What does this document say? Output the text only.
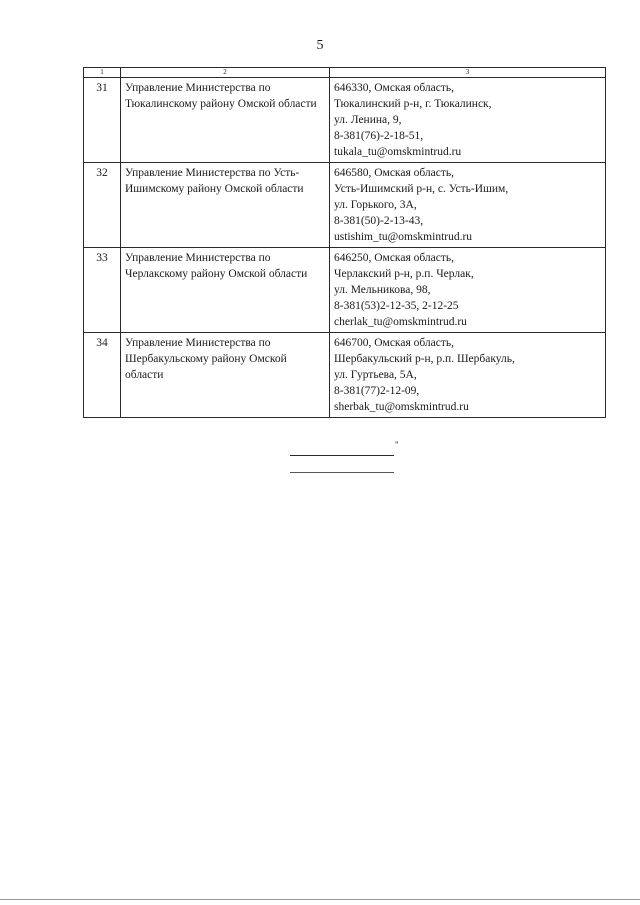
5
1	2	3
31	Управление Министерства по Тюкалинскому району Омской области	646330, Омская область,
Тюкалинский р-н, г. Тюкалинск,
ул. Ленина, 9,
8-381(76)-2-18-51,
tukala_tu@omskmintrud.ru

32	Управление Министерства по Усть-Ишимскому району Омской области	646580, Омская область,
Усть-Ишимский р-н, с. Усть-Ишим,
ул. Горького, 3А,
8-381(50)-2-13-43,
ustishim_tu@omskmintrud.ru

33	Управление Министерства по Черлакскому району Омской области	646250, Омская область,
Черлакский р-н, р.п. Черлак,
ул. Мельникова, 98,
8-381(53)2-12-35, 2-12-25
cherlak_tu@omskmintrud.ru

34	Управление Министерства по Шербакульскому району Омской области	646700, Омская область,
Шербакульский р-н, р.п. Шербакуль,
ул. Гуртьева, 5А,
8-381(77)2-12-09,
sherbak_tu@omskmintrud.ru
"
